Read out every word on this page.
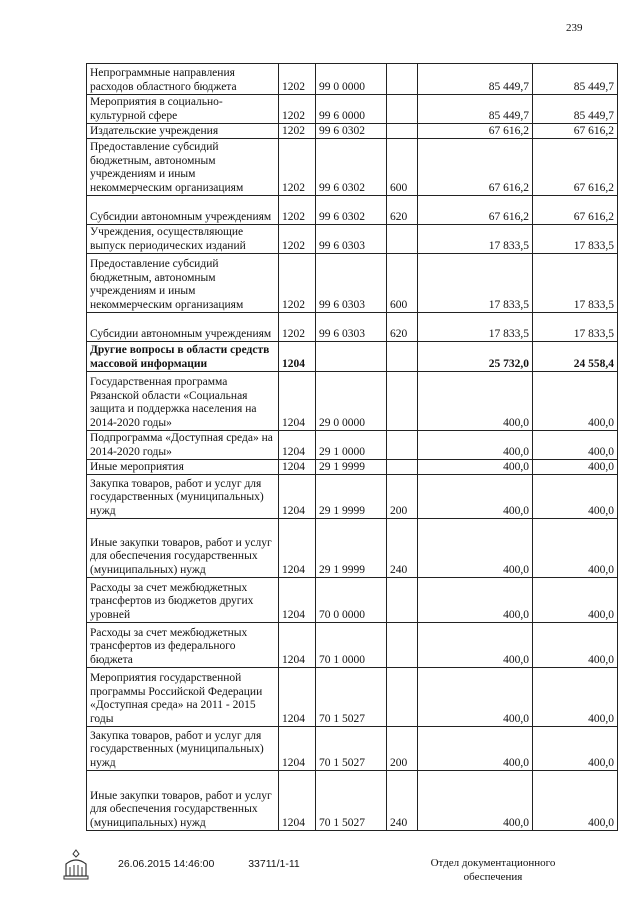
239
Непрограммные направления расходов областного бюджета	1202	99 0 0000		85 449,7	85 449,7
Мероприятия в социально-культурной сфере	1202	99 6 0000		85 449,7	85 449,7
Издательские учреждения	1202	99 6 0302		67 616,2	67 616,2
Предоставление субсидий бюджетным, автономным учреждениям и иным некоммерческим организациям	1202	99 6 0302	600	67 616,2	67 616,2
Субсидии автономным учреждениям	1202	99 6 0302	620	67 616,2	67 616,2
Учреждения, осуществляющие выпуск периодических изданий	1202	99 6 0303		17 833,5	17 833,5
Предоставление субсидий бюджетным, автономным учреждениям и иным некоммерческим организациям	1202	99 6 0303	600	17 833,5	17 833,5
Субсидии автономным учреждениям	1202	99 6 0303	620	17 833,5	17 833,5
Другие вопросы в области средств массовой информации	1204			25 732,0	24 558,4
Государственная программа Рязанской области «Социальная защита и поддержка населения на 2014-2020 годы»	1204	29 0 0000		400,0	400,0
Подпрограмма «Доступная среда» на 2014-2020 годы»	1204	29 1 0000		400,0	400,0
Иные мероприятия	1204	29 1 9999		400,0	400,0
Закупка товаров, работ и услуг для государственных (муниципальных) нужд	1204	29 1 9999	200	400,0	400,0
Иные закупки товаров, работ и услуг для обеспечения государственных (муниципальных) нужд	1204	29 1 9999	240	400,0	400,0
Расходы за счет межбюджетных трансфертов из бюджетов других уровней	1204	70 0 0000		400,0	400,0
Расходы за счет межбюджетных трансфертов из федерального бюджета	1204	70 1 0000		400,0	400,0
Мероприятия государственной программы Российской Федерации «Доступная среда» на 2011 - 2015 годы	1204	70 1 5027		400,0	400,0
Закупка товаров, работ и услуг для государственных (муниципальных) нужд	1204	70 1 5027	200	400,0	400,0
Иные закупки товаров, работ и услуг для обеспечения государственных (муниципальных) нужд	1204	70 1 5027	240	400,0	400,0
26.06.2015 14:46:00	33711/1-11	Отдел документационного
обеспечения
